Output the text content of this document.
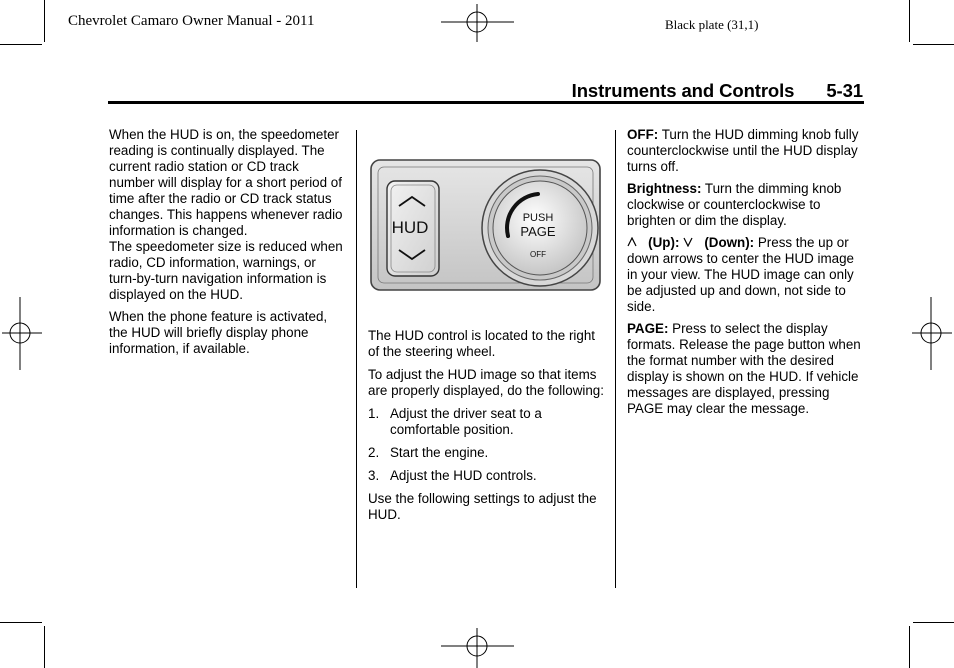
Chevrolet Camaro Owner Manual - 2011	Black plate (31,1)
Instruments and Controls 5-31

When the HUD is on, the speedometer reading is continually displayed. The current radio station or CD track number will display for a short period of time after the radio or CD track status changes. This happens whenever radio information is changed.

The speedometer size is reduced when radio, CD information, warnings, or turn-by-turn navigation information is displayed on the HUD.

When the phone feature is activated, the HUD will briefly display phone information, if available.

HUD	PUSH
PAGE
OFF

The HUD control is located to the right of the steering wheel.

To adjust the HUD image so that items are properly displayed, do the following:

1. Adjust the driver seat to a comfortable position.
2. Start the engine.
3. Adjust the HUD controls.

Use the following settings to adjust the HUD.

OFF: Turn the HUD dimming knob fully counterclockwise until the HUD display turns off.

Brightness: Turn the dimming knob clockwise or counterclockwise to brighten or dim the display.

(Up): (Down): Press the up or down arrows to center the HUD image in your view. The HUD image can only be adjusted up and down, not side to side.

PAGE: Press to select the display formats. Release the page button when the format number with the desired display is shown on the HUD. If vehicle messages are displayed, pressing PAGE may clear the message.
